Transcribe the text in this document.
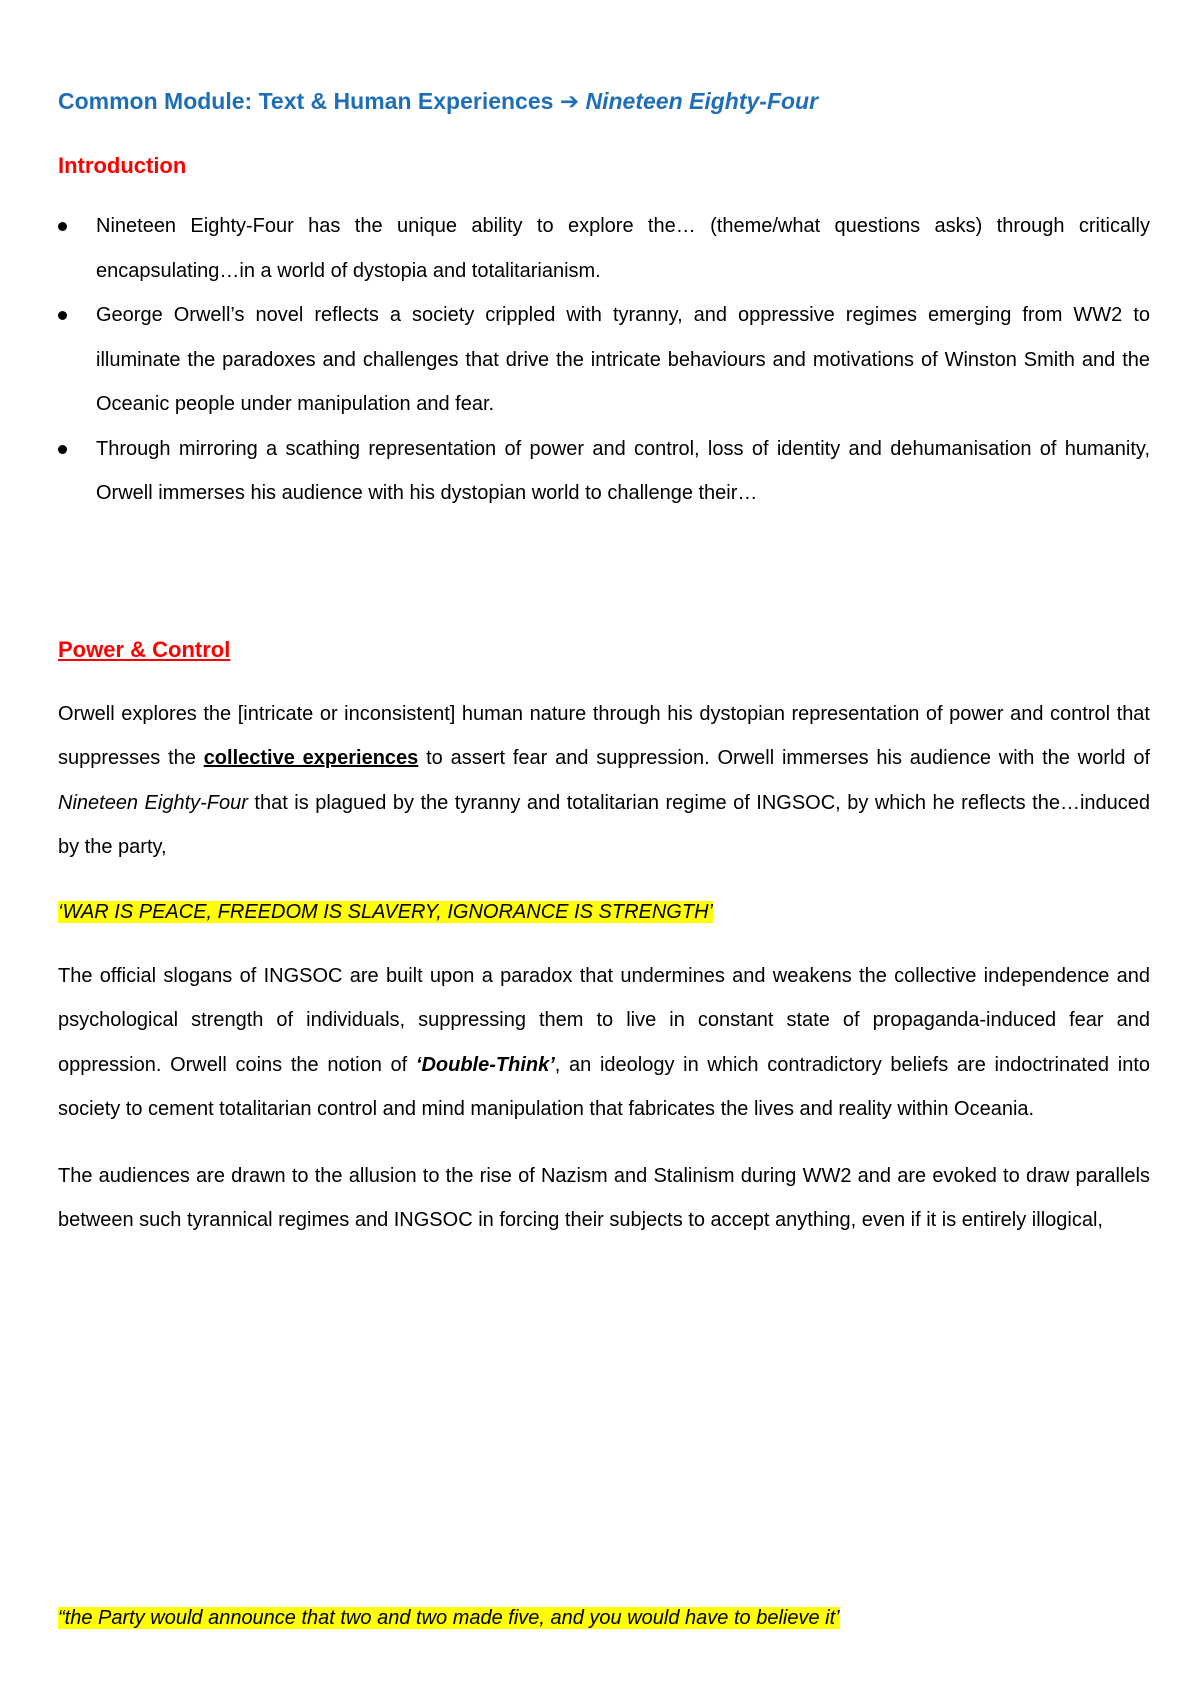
Common Module: Text & Human Experiences ➔ Nineteen Eighty-Four
Introduction
Nineteen Eighty-Four has the unique ability to explore the… (theme/what questions asks) through critically encapsulating…in a world of dystopia and totalitarianism.
George Orwell’s novel reflects a society crippled with tyranny, and oppressive regimes emerging from WW2 to illuminate the paradoxes and challenges that drive the intricate behaviours and motivations of Winston Smith and the Oceanic people under manipulation and fear.
Through mirroring a scathing representation of power and control, loss of identity and dehumanisation of humanity, Orwell immerses his audience with his dystopian world to challenge their…
Power & Control

Orwell explores the [intricate or inconsistent] human nature through his dystopian representation of power and control that suppresses the collective experiences to assert fear and suppression. Orwell immerses his audience with the world of Nineteen Eighty-Four that is plagued by the tyranny and totalitarian regime of INGSOC, by which he reflects the…induced by the party,

‘WAR IS PEACE, FREEDOM IS SLAVERY, IGNORANCE IS STRENGTH’

The official slogans of INGSOC are built upon a paradox that undermines and weakens the collective independence and psychological strength of individuals, suppressing them to live in constant state of propaganda-induced fear and oppression. Orwell coins the notion of ‘Double-Think’, an ideology in which contradictory beliefs are indoctrinated into society to cement totalitarian control and mind manipulation that fabricates the lives and reality within Oceania.

The audiences are drawn to the allusion to the rise of Nazism and Stalinism during WW2 and are evoked to draw parallels between such tyrannical regimes and INGSOC in forcing their subjects to accept anything, even if it is entirely illogical,

“the Party would announce that two and two made five, and you would have to believe it’
